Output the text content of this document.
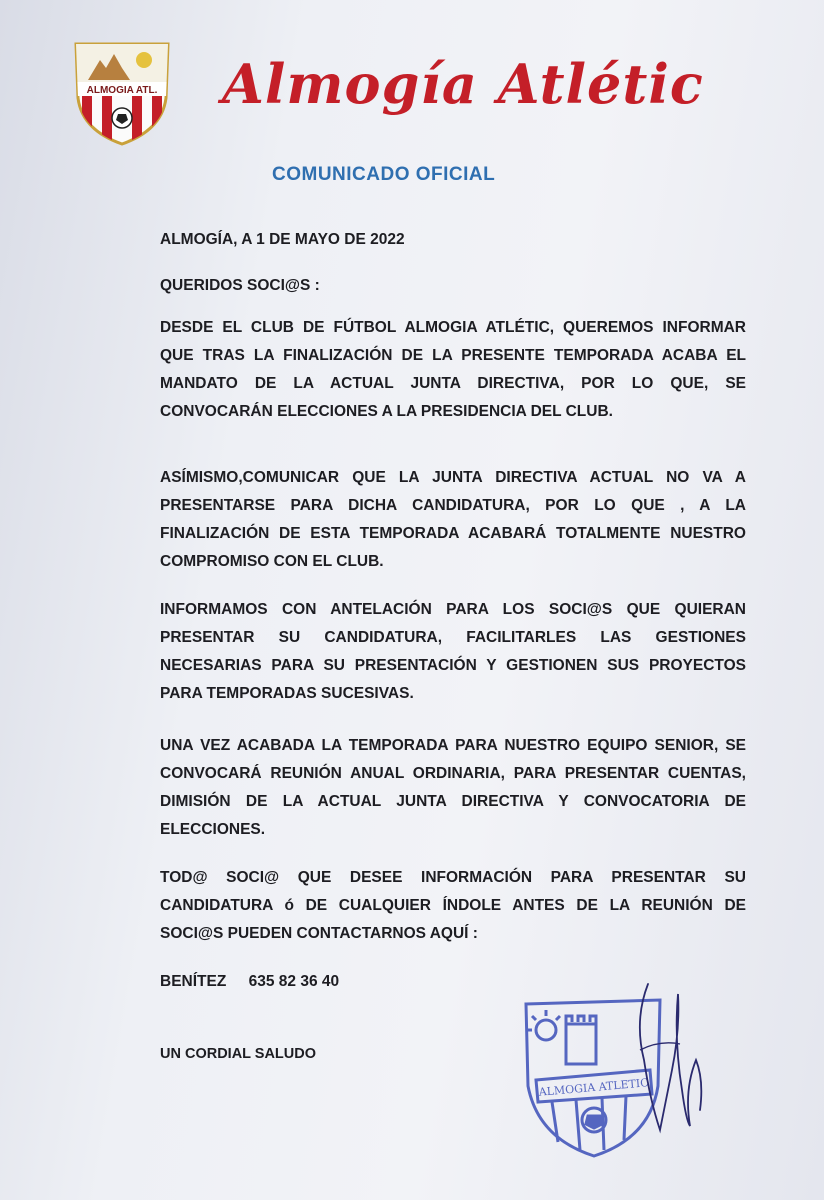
ALMOGIA ATL. Almogía Atlétic
COMUNICADO OFICIAL
ALMOGÍA, A 1 DE MAYO DE 2022
QUERIDOS SOCI@S :
DESDE EL CLUB DE FÚTBOL ALMOGIA ATLÉTIC, QUEREMOS INFORMAR QUE TRAS LA FINALIZACIÓN DE LA PRESENTE TEMPORADA ACABA EL MANDATO DE LA ACTUAL JUNTA DIRECTIVA, POR LO QUE, SE CONVOCARÁN ELECCIONES A LA PRESIDENCIA DEL CLUB.
ASÍMISMO,COMUNICAR QUE LA JUNTA DIRECTIVA ACTUAL NO VA A PRESENTARSE PARA DICHA CANDIDATURA, POR LO QUE , A LA FINALIZACIÓN DE ESTA TEMPORADA ACABARÁ TOTALMENTE NUESTRO COMPROMISO CON EL CLUB.
INFORMAMOS CON ANTELACIÓN PARA LOS SOCI@S QUE QUIERAN PRESENTAR SU CANDIDATURA, FACILITARLES LAS GESTIONES NECESARIAS PARA SU PRESENTACIÓN Y GESTIONEN SUS PROYECTOS PARA TEMPORADAS SUCESIVAS.
UNA VEZ ACABADA LA TEMPORADA PARA NUESTRO EQUIPO SENIOR, SE CONVOCARÁ REUNIÓN ANUAL ORDINARIA, PARA PRESENTAR CUENTAS, DIMISIÓN DE LA ACTUAL JUNTA DIRECTIVA Y CONVOCATORIA DE ELECCIONES.
TOD@ SOCI@ QUE DESEE INFORMACIÓN PARA PRESENTAR SU CANDIDATURA ó DE CUALQUIER ÍNDOLE ANTES DE LA REUNIÓN DE SOCI@S PUEDEN CONTACTARNOS AQUÍ :
BENÍTEZ 635 82 36 40
UN CORDIAL SALUDO
ALMOGIA ATLETIC
